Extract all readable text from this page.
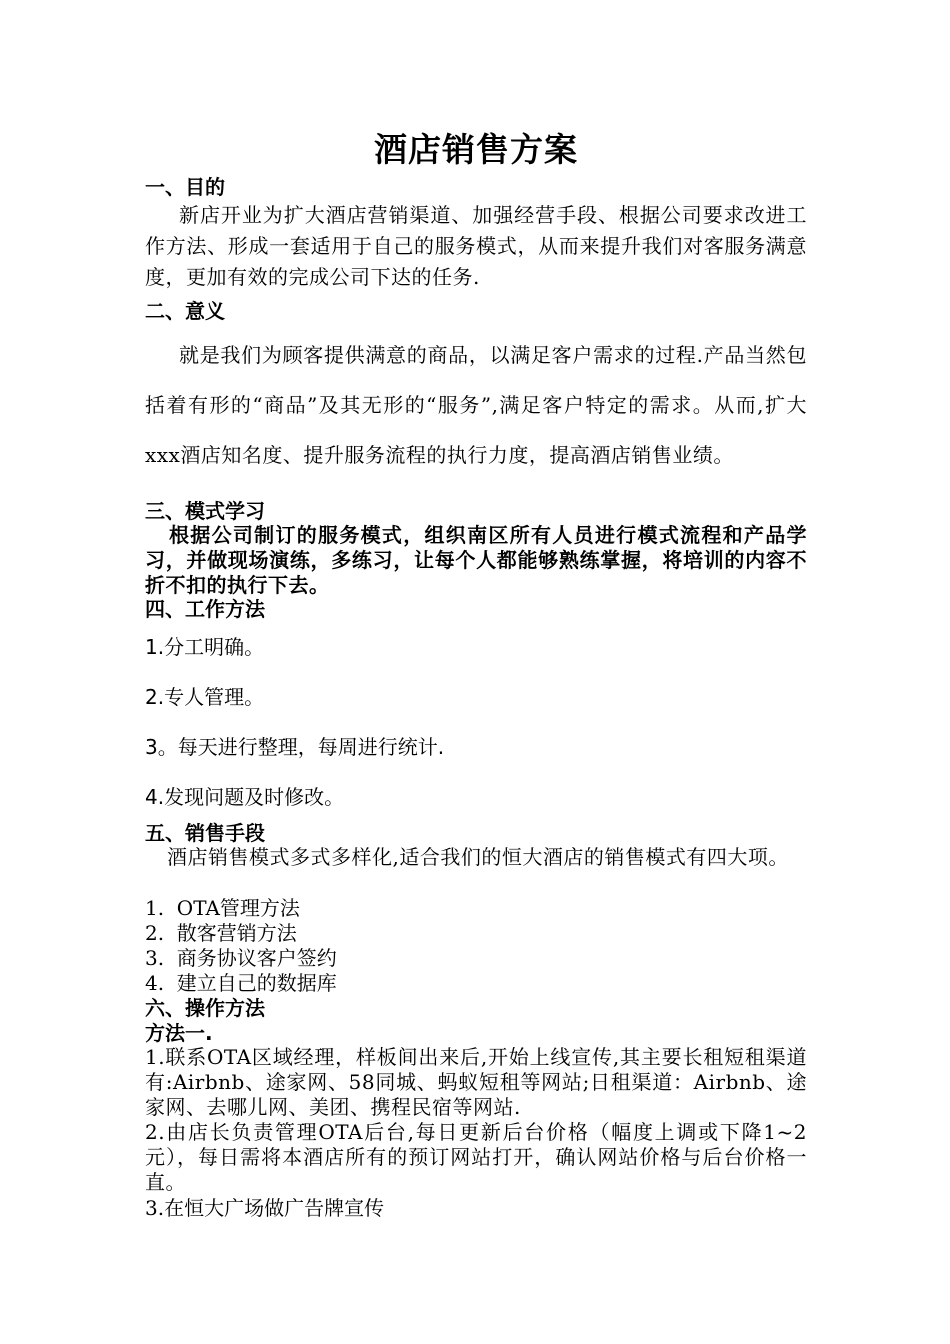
酒店销售方案
一、目的
新店开业为扩大酒店营销渠道、加强经营手段、根据公司要求改进工作方法、形成一套适用于自己的服务模式，从而来提升我们对客服务满意度，更加有效的完成公司下达的任务.
二、意义
就是我们为顾客提供满意的商品，以满足客户需求的过程.产品当然包括着有形的“商品”及其无形的“服务”,满足客户特定的需求。从而,扩大xxx酒店知名度、提升服务流程的执行力度，提高酒店销售业绩。
三、模式学习
根据公司制订的服务模式，组织南区所有人员进行模式流程和产品学习，并做现场演练，多练习，让每个人都能够熟练掌握，将培训的内容不折不扣的执行下去。
四、工作方法
1.分工明确。
2.专人管理。
3。每天进行整理，每周进行统计.
4.发现问题及时修改。
五、销售手段
酒店销售模式多式多样化,适合我们的恒大酒店的销售模式有四大项。
1.  OTA管理方法
2.  散客营销方法
3.  商务协议客户签约
4.  建立自己的数据库
六、操作方法
方法一.
1.联系OTA区域经理，样板间出来后,开始上线宣传,其主要长租短租渠道有:Airbnb、途家网、58同城、蚂蚁短租等网站;日租渠道：Airbnb、途家网、去哪儿网、美团、携程民宿等网站.
2.由店长负责管理OTA后台,每日更新后台价格（幅度上调或下降1~2元），每日需将本酒店所有的预订网站打开，确认网站价格与后台价格一直。
3.在恒大广场做广告牌宣传
